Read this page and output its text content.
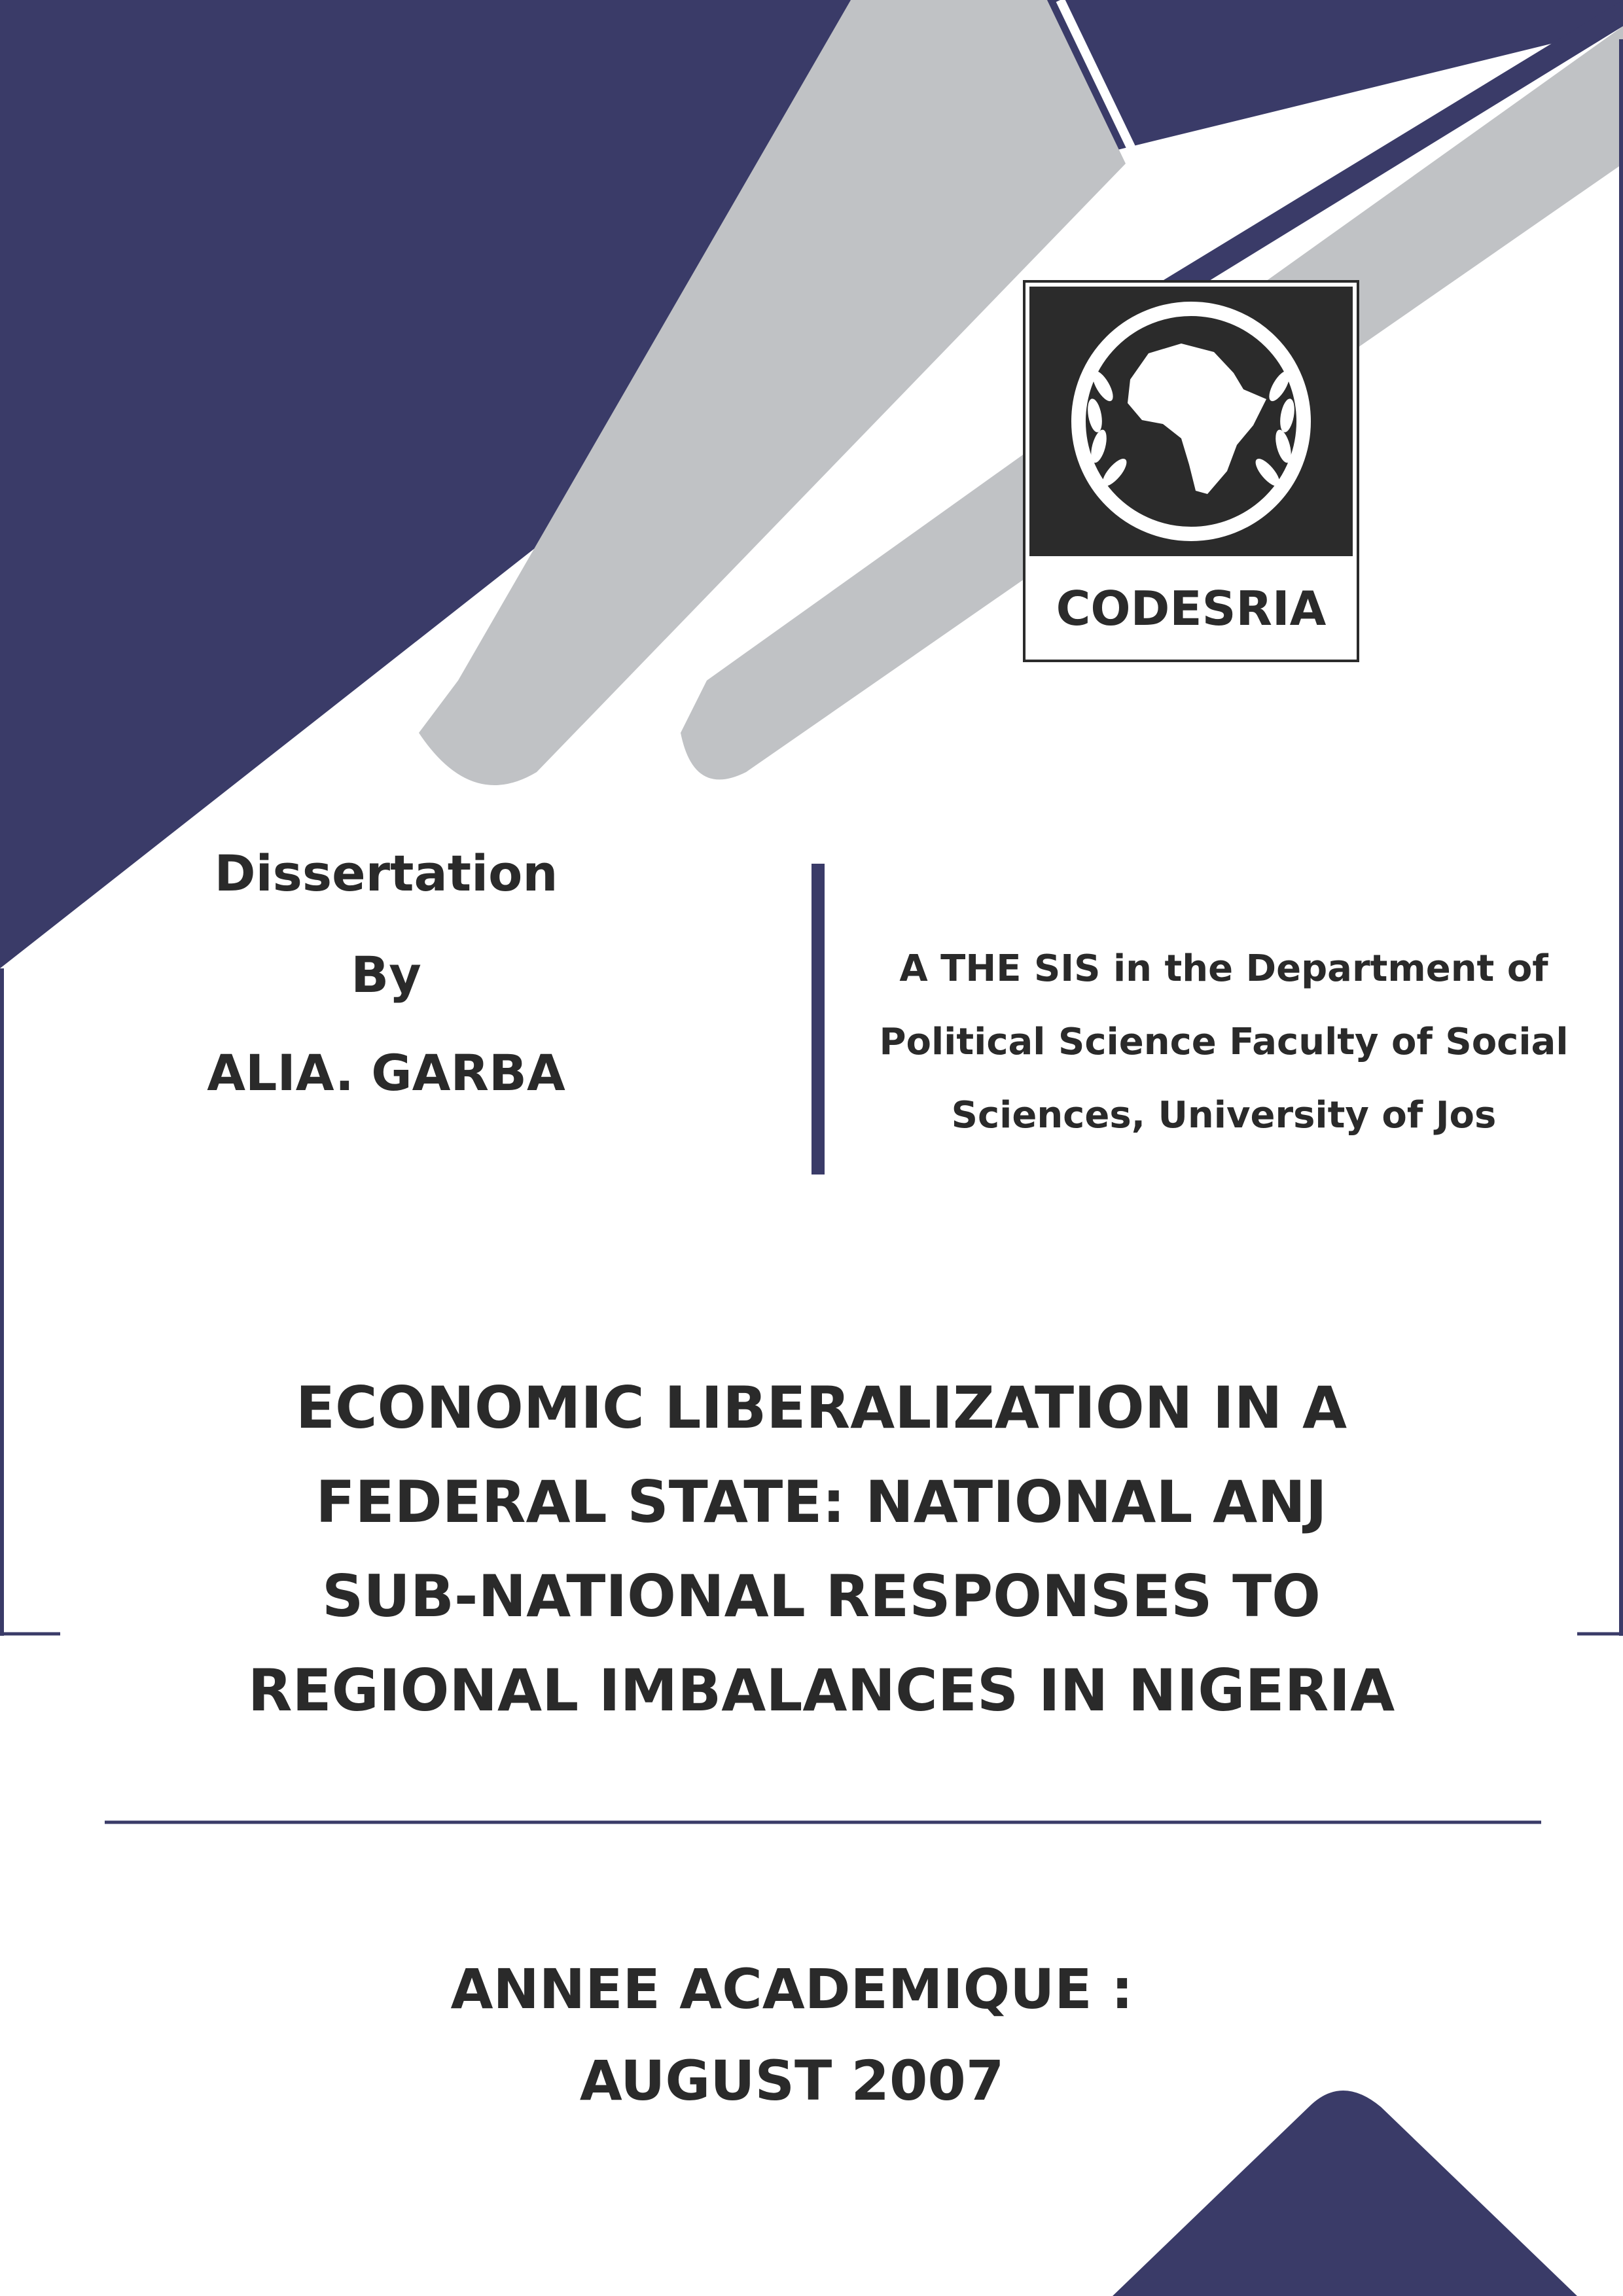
CODESRIA
Dissertation
By
ALIA. GARBA
A THE SIS in the Department of
Political Science Faculty of Social
Sciences, University of Jos
ECONOMIC LIBERALIZATION IN A
FEDERAL STATE: NATIONAL ANJ
SUB-NATIONAL RESPONSES TO
REGIONAL IMBALANCES IN NIGERIA
ANNEE ACADEMIQUE :
AUGUST 2007
